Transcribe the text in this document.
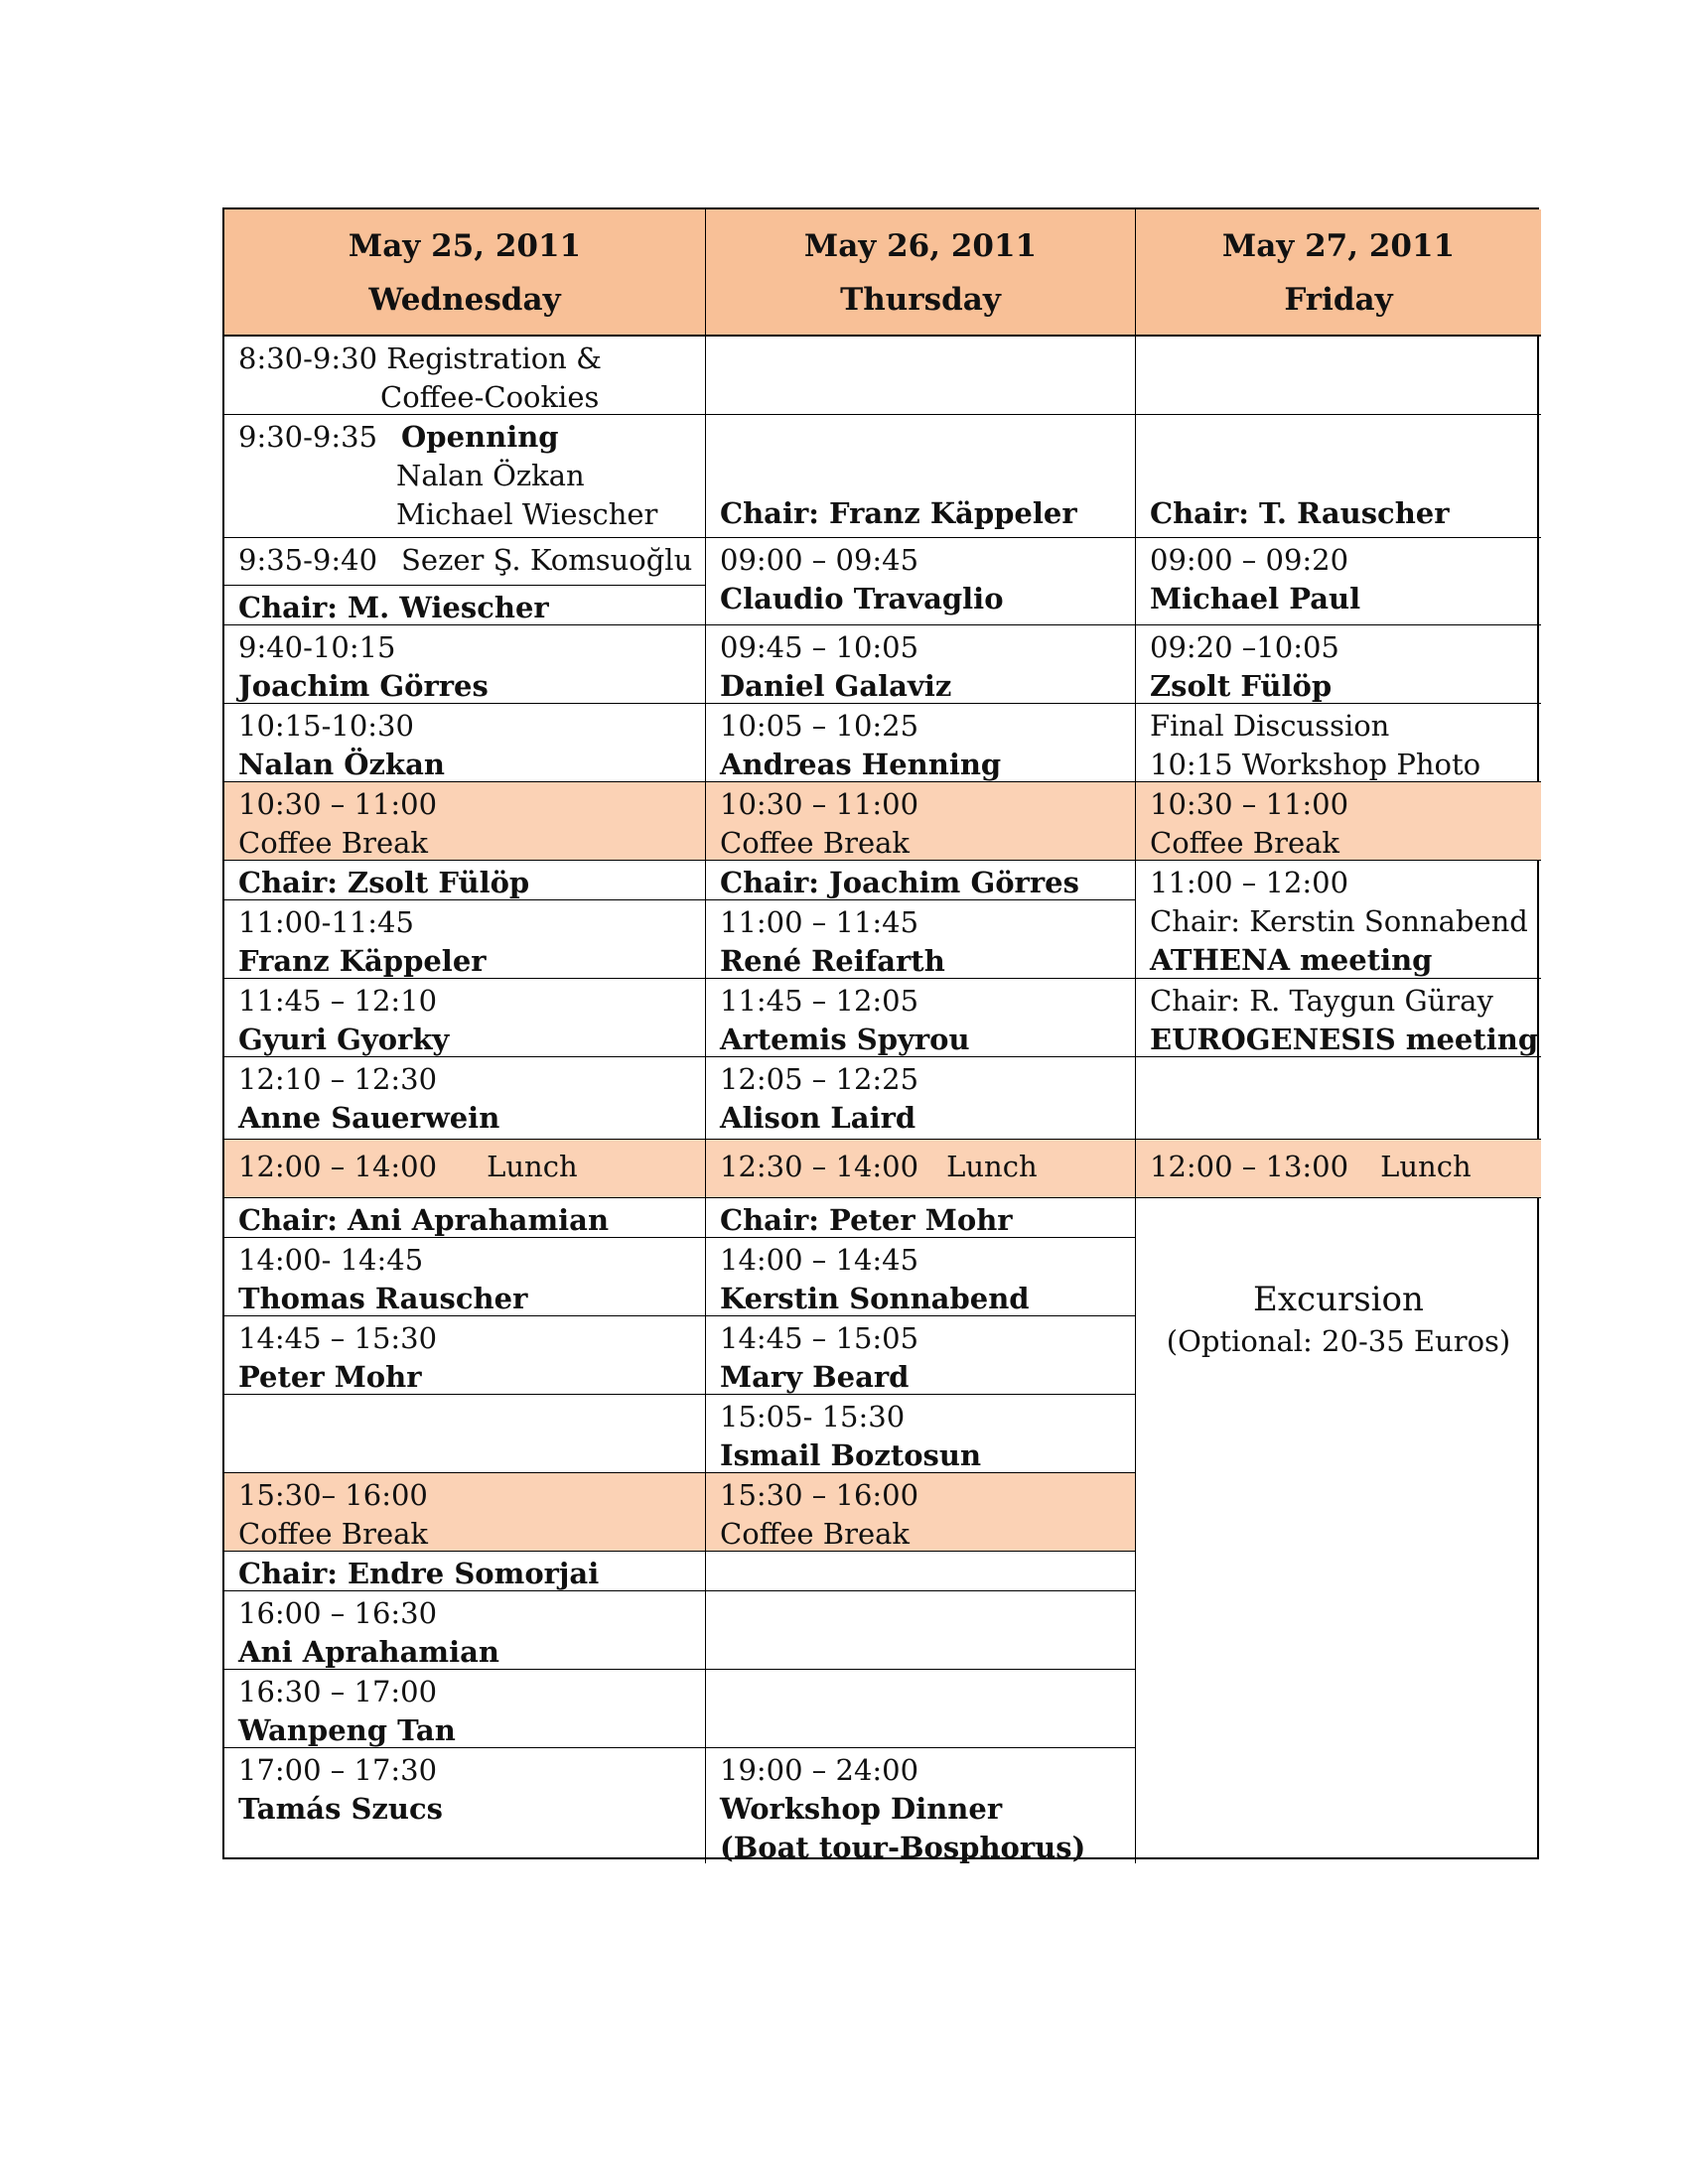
May 25, 2011
Wednesday
May 26, 2011
Thursday
May 27, 2011
Friday
8:30-9:30 Registration &
Coffee-Cookies
9:30-9:35 Openning
Nalan Özkan
Michael Wiescher
9:35-9:40 Sezer Ş. Komsuoğlu
Chair: M. Wiescher
9:40-10:15
Joachim Görres
10:15-10:30
Nalan Özkan
10:30 – 11:00
Coffee Break
Chair: Zsolt Fülöp
11:00-11:45
Franz Käppeler
11:45 – 12:10
Gyuri Gyorky
12:10 – 12:30
Anne Sauerwein
12:00 – 14:00 Lunch
Chair: Ani Aprahamian
14:00- 14:45
Thomas Rauscher
14:45 – 15:30
Peter Mohr
15:30– 16:00
Coffee Break
Chair: Endre Somorjai
16:00 – 16:30
Ani Aprahamian
16:30 – 17:00
Wanpeng Tan
17:00 – 17:30
Tamás Szucs
Chair: Franz Käppeler
09:00 – 09:45
Claudio Travaglio
09:45 – 10:05
Daniel Galaviz
10:05 – 10:25
Andreas Henning
10:30 – 11:00
Coffee Break
Chair: Joachim Görres
11:00 – 11:45
René Reifarth
11:45 – 12:05
Artemis Spyrou
12:05 – 12:25
Alison Laird
12:30 – 14:00 Lunch
Chair: Peter Mohr
14:00 – 14:45
Kerstin Sonnabend
14:45 – 15:05
Mary Beard
15:05- 15:30
Ismail Boztosun
15:30 – 16:00
Coffee Break
19:00 – 24:00
Workshop Dinner
(Boat tour-Bosphorus)
Chair: T. Rauscher
09:00 – 09:20
Michael Paul
09:20 –10:05
Zsolt Fülöp
Final Discussion
10:15 Workshop Photo
10:30 – 11:00
Coffee Break
11:00 – 12:00
Chair: Kerstin Sonnabend
ATHENA meeting
Chair: R. Taygun Güray
EUROGENESIS meeting
12:00 – 13:00 Lunch
Excursion
(Optional: 20-35 Euros)
